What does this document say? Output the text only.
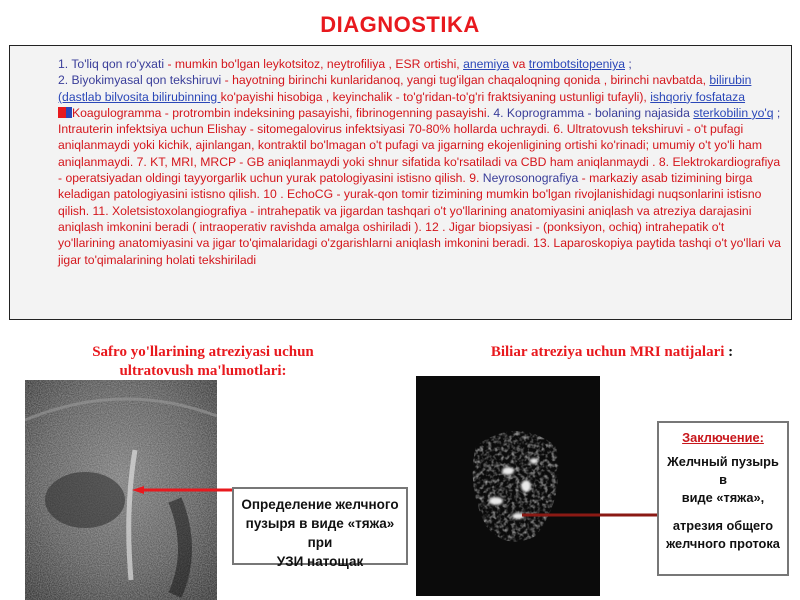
DIAGNOSTIKA

1. To'liq qon ro'yxati - mumkin bo'lgan leykotsitoz, neytrofiliya , ESR ortishi, anemiya va trombotsitopeniya ;

2. Biyokimyasal qon tekshiruvi - hayotning birinchi kunlaridanoq, yangi tug'ilgan chaqaloqning qonida , birinchi navbatda, bilirubin (dastlab bilvosita bilirubinning ko'payishi hisobiga , keyinchalik - to'g'ridan-to'g'ri fraktsiyaning ustunligi tufayli), ishqoriy fosfataza

Koagulogramma - protrombin indeksining pasayishi, fibrinogenning pasayishi. 4. Koprogramma - bolaning najasida sterkobilin yo'q ; Intrauterin infektsiya uchun Elishay - sitomegalovirus infektsiyasi 70-80% hollarda uchraydi. 6. Ultratovush tekshiruvi - o't pufagi aniqlanmaydi yoki kichik, ajinlangan, kontraktil bo'lmagan o't pufagi va jigarning ekojenligining ortishi ko'rinadi; umumiy o't yo'li ham aniqlanmaydi. 7. KT, MRI, MRCP - GB aniqlanmaydi yoki shnur sifatida ko'rsatiladi va CBD ham aniqlanmaydi . 8. Elektrokardiografiya - operatsiyadan oldingi tayyorgarlik uchun yurak patologiyasini istisno qilish. 9. Neyrosonografiya - markaziy asab tizimining birga keladigan patologiyasini istisno qilish. 10 . EchoCG - yurak-qon tomir tizimining mumkin bo'lgan rivojlanishidagi nuqsonlarini istisno qilish. 11. Xoletsistoxolangiografiya - intrahepatik va jigardan tashqari o't yo'llarining anatomiyasini aniqlash va atreziya darajasini aniqlash imkonini beradi ( intraoperativ ravishda amalga oshiriladi ). 12 . Jigar biopsiyasi - (ponksiyon, ochiq) intrahepatik o't yo'llarining anatomiyasini va jigar to'qimalaridagi o'zgarishlarni aniqlash imkonini beradi. 13. Laparoskopiya paytida tashqi o't yo'llari va jigar to'qimalarining holati tekshiriladi

Safro yo'llarining atreziyasi uchun
ultratovush ma'lumotlari:
Biliar atreziya uchun MRI natijalari :
Определение желчного
пузыря в виде «тяжа» при
УЗИ натощак
Заключение:
Желчный пузырь в
виде «тяжа»,
атрезия общего
желчного протока
